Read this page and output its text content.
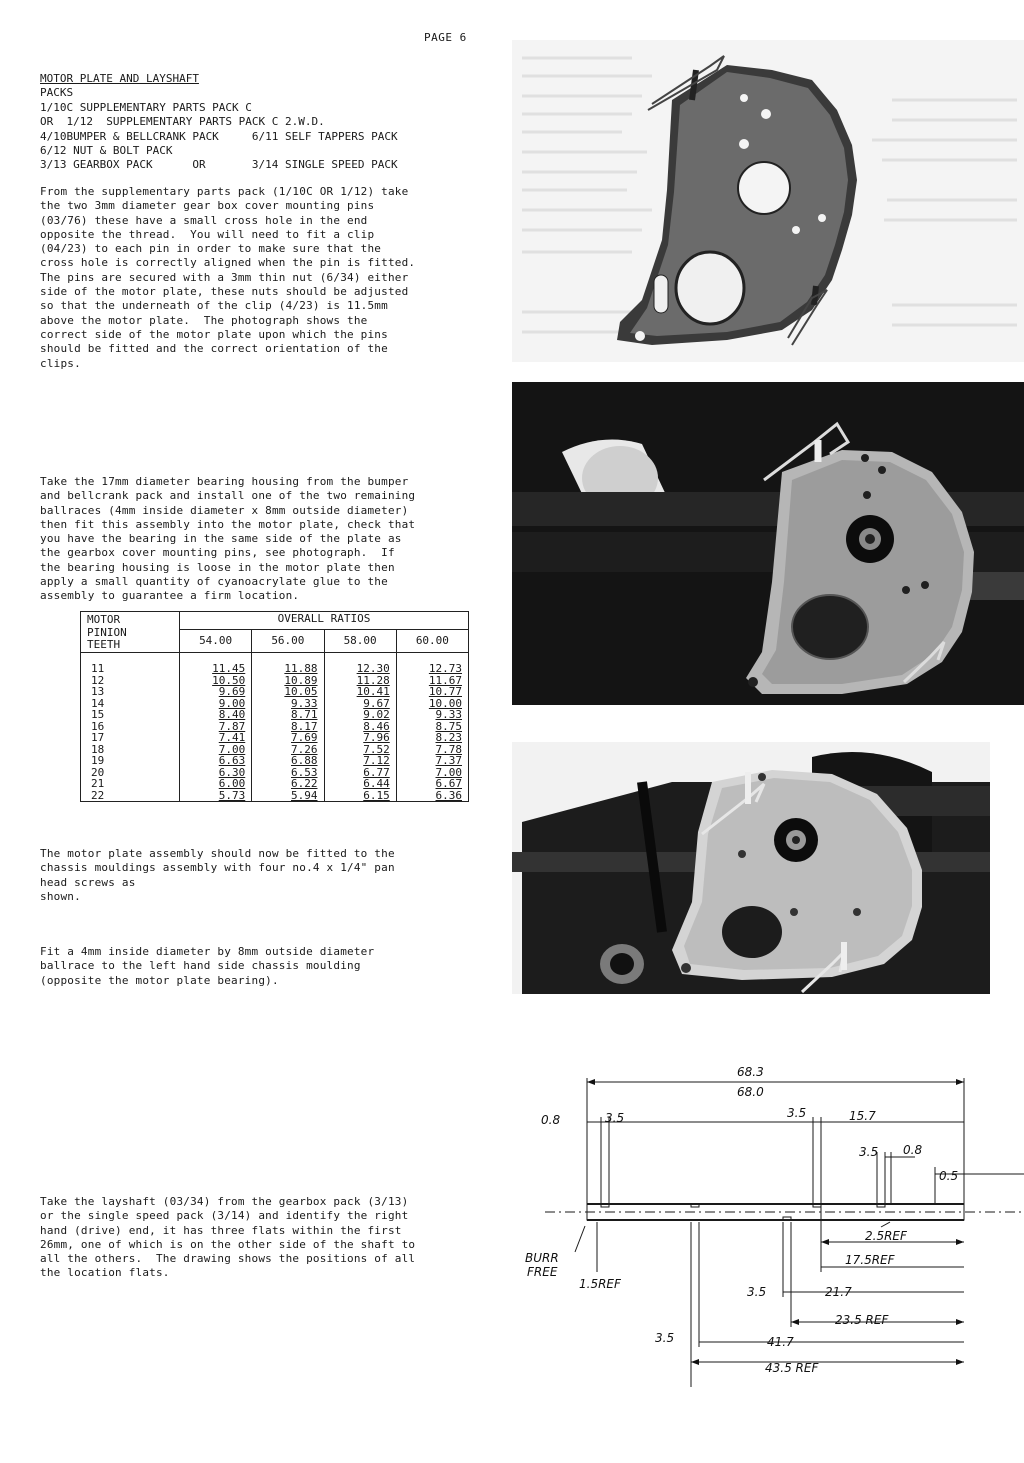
PAGE 6
MOTOR PLATE AND LAYSHAFT
PACKS
1/10C SUPPLEMENTARY PARTS PACK C
OR  1/12  SUPPLEMENTARY PARTS PACK C 2.W.D.
4/10BUMPER & BELLCRANK PACK     6/11 SELF TAPPERS PACK
6/12 NUT & BOLT PACK
3/13 GEARBOX PACK      OR       3/14 SINGLE SPEED PACK
From the supplementary parts pack (1/10C OR 1/12) take
the two 3mm diameter gear box cover mounting pins
(03/76) these have a small cross hole in the end
opposite the thread.  You will need to fit a clip
(04/23) to each pin in order to make sure that the
cross hole is correctly aligned when the pin is fitted.
The pins are secured with a 3mm thin nut (6/34) either
side of the motor plate, these nuts should be adjusted
so that the underneath of the clip (4/23) is 11.5mm
above the motor plate.  The photograph shows the
correct side of the motor plate upon which the pins
should be fitted and the correct orientation of the
clips.
Take the 17mm diameter bearing housing from the bumper
and bellcrank pack and install one of the two remaining
ballraces (4mm inside diameter x 8mm outside diameter)
then fit this assembly into the motor plate, check that
you have the bearing in the same side of the plate as
the gearbox cover mounting pins, see photograph.  If
the bearing housing is loose in the motor plate then
apply a small quantity of cyanoacrylate glue to the
assembly to guarantee a firm location.
MOTOR
PINION
TEETH	OVERALL RATIOS			
	54.00	56.00	58.00	60.00
11	11.45	11.88	12.30	12.73
12	10.50	10.89	11.28	11.67
13	9.69	10.05	10.41	10.77
14	9.00	9.33	9.67	10.00
15	8.40	8.71	9.02	9.33
16	7.87	8.17	8.46	8.75
17	7.41	7.69	7.96	8.23
18	7.00	7.26	7.52	7.78
19	6.63	6.88	7.12	7.37
20	6.30	6.53	6.77	7.00
21	6.00	6.22	6.44	6.67
22	5.73	5.94	6.15	6.36
The motor plate assembly should now be fitted to the
chassis mouldings assembly with four no.4 x 1/4" pan
head screws as
shown.
Fit a 4mm inside diameter by 8mm outside diameter
ballrace to the left hand side chassis moulding
(opposite the motor plate bearing).
Take the layshaft (03/34) from the gearbox pack (3/13)
or the single speed pack (3/14) and identify the right
hand (drive) end, it has three flats within the first
26mm, one of which is on the other side of the shaft to
all the others.  The drawing shows the positions of all
the location flats.
68.3
68.0
0.8	3.5	3.5	15.7
3.5 0.8
0.5
2.5REF
17.5REF
BURR
FREE
1.5REF
3.5	21.7
23.5 REF
3.5	41.7
43.5 REF
